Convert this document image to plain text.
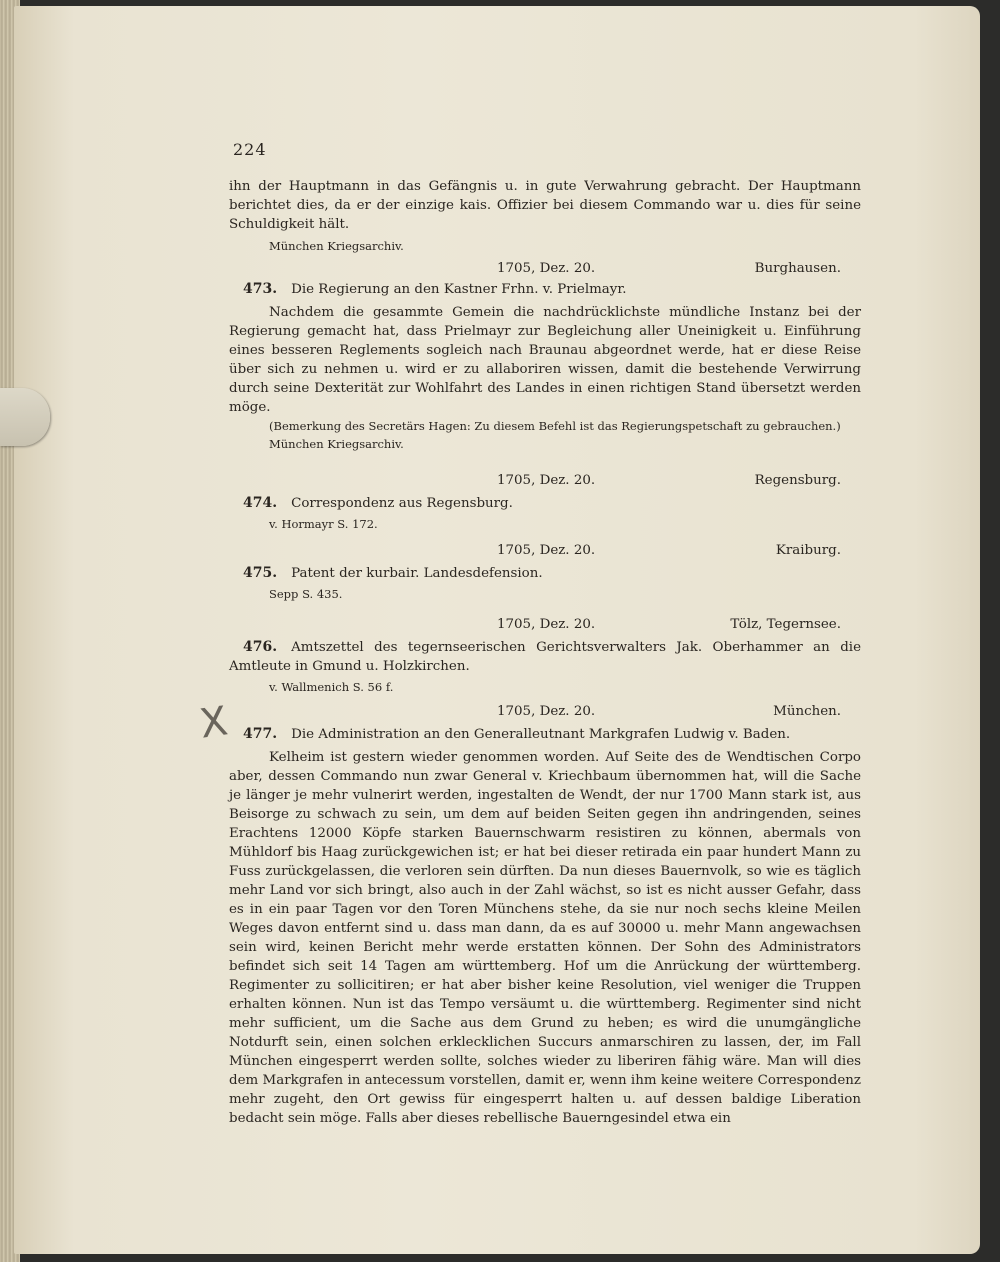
224
X
ihn der Hauptmann in das Gefängnis u. in gute Verwahrung gebracht. Der Hauptmann berichtet dies, da er der einzige kais. Offizier bei diesem Commando war u. dies für seine Schuldigkeit hält.
München Kriegsarchiv.
1705, Dez. 20.	Burghausen.
473. Die Regierung an den Kastner Frhn. v. Prielmayr.
Nachdem die gesammte Gemein die nachdrücklichste mündliche Instanz bei der Regierung gemacht hat, dass Prielmayr zur Begleichung aller Uneinigkeit u. Einführung eines besseren Reglements sogleich nach Braunau abgeordnet werde, hat er diese Reise über sich zu nehmen u. wird er zu allaboriren wissen, damit die bestehende Verwirrung durch seine Dexterität zur Wohlfahrt des Landes in einen richtigen Stand übersetzt werden möge.
(Bemerkung des Secretärs Hagen: Zu diesem Befehl ist das Regierungspetschaft zu gebrauchen.)
München Kriegsarchiv.
1705, Dez. 20.	Regensburg.
474. Correspondenz aus Regensburg.
v. Hormayr S. 172.
1705, Dez. 20.	Kraiburg.
475. Patent der kurbair. Landesdefension.
Sepp S. 435.
1705, Dez. 20.	Tölz, Tegernsee.
476. Amtszettel des tegernseerischen Gerichtsverwalters Jak. Oberhammer an die Amtleute in Gmund u. Holzkirchen.
v. Wallmenich S. 56 f.
1705, Dez. 20.	München.
477. Die Administration an den Generalleutnant Markgrafen Ludwig v. Baden.
Kelheim ist gestern wieder genommen worden. Auf Seite des de Wendtischen Corpo aber, dessen Commando nun zwar General v. Kriechbaum übernommen hat, will die Sache je länger je mehr vulnerirt werden, ingestalten de Wendt, der nur 1700 Mann stark ist, aus Beisorge zu schwach zu sein, um dem auf beiden Seiten gegen ihn andringenden, seines Erachtens 12000 Köpfe starken Bauernschwarm resistiren zu können, abermals von Mühldorf bis Haag zurückgewichen ist; er hat bei dieser retirada ein paar hundert Mann zu Fuss zurückgelassen, die verloren sein dürften. Da nun dieses Bauernvolk, so wie es täglich mehr Land vor sich bringt, also auch in der Zahl wächst, so ist es nicht ausser Gefahr, dass es in ein paar Tagen vor den Toren Münchens stehe, da sie nur noch sechs kleine Meilen Weges davon entfernt sind u. dass man dann, da es auf 30000 u. mehr Mann angewachsen sein wird, keinen Bericht mehr werde erstatten können. Der Sohn des Administrators befindet sich seit 14 Tagen am württemberg. Hof um die Anrückung der württemberg. Regimenter zu sollicitiren; er hat aber bisher keine Resolution, viel weniger die Truppen erhalten können. Nun ist das Tempo versäumt u. die württemberg. Regimenter sind nicht mehr sufficient, um die Sache aus dem Grund zu heben; es wird die unumgängliche Notdurft sein, einen solchen erklecklichen Succurs anmarschiren zu lassen, der, im Fall München eingesperrt werden sollte, solches wieder zu liberiren fähig wäre. Man will dies dem Markgrafen in antecessum vorstellen, damit er, wenn ihm keine weitere Correspondenz mehr zugeht, den Ort gewiss für eingesperrt halten u. auf dessen baldige Liberation bedacht sein möge. Falls aber dieses rebellische Bauerngesindel etwa ein
